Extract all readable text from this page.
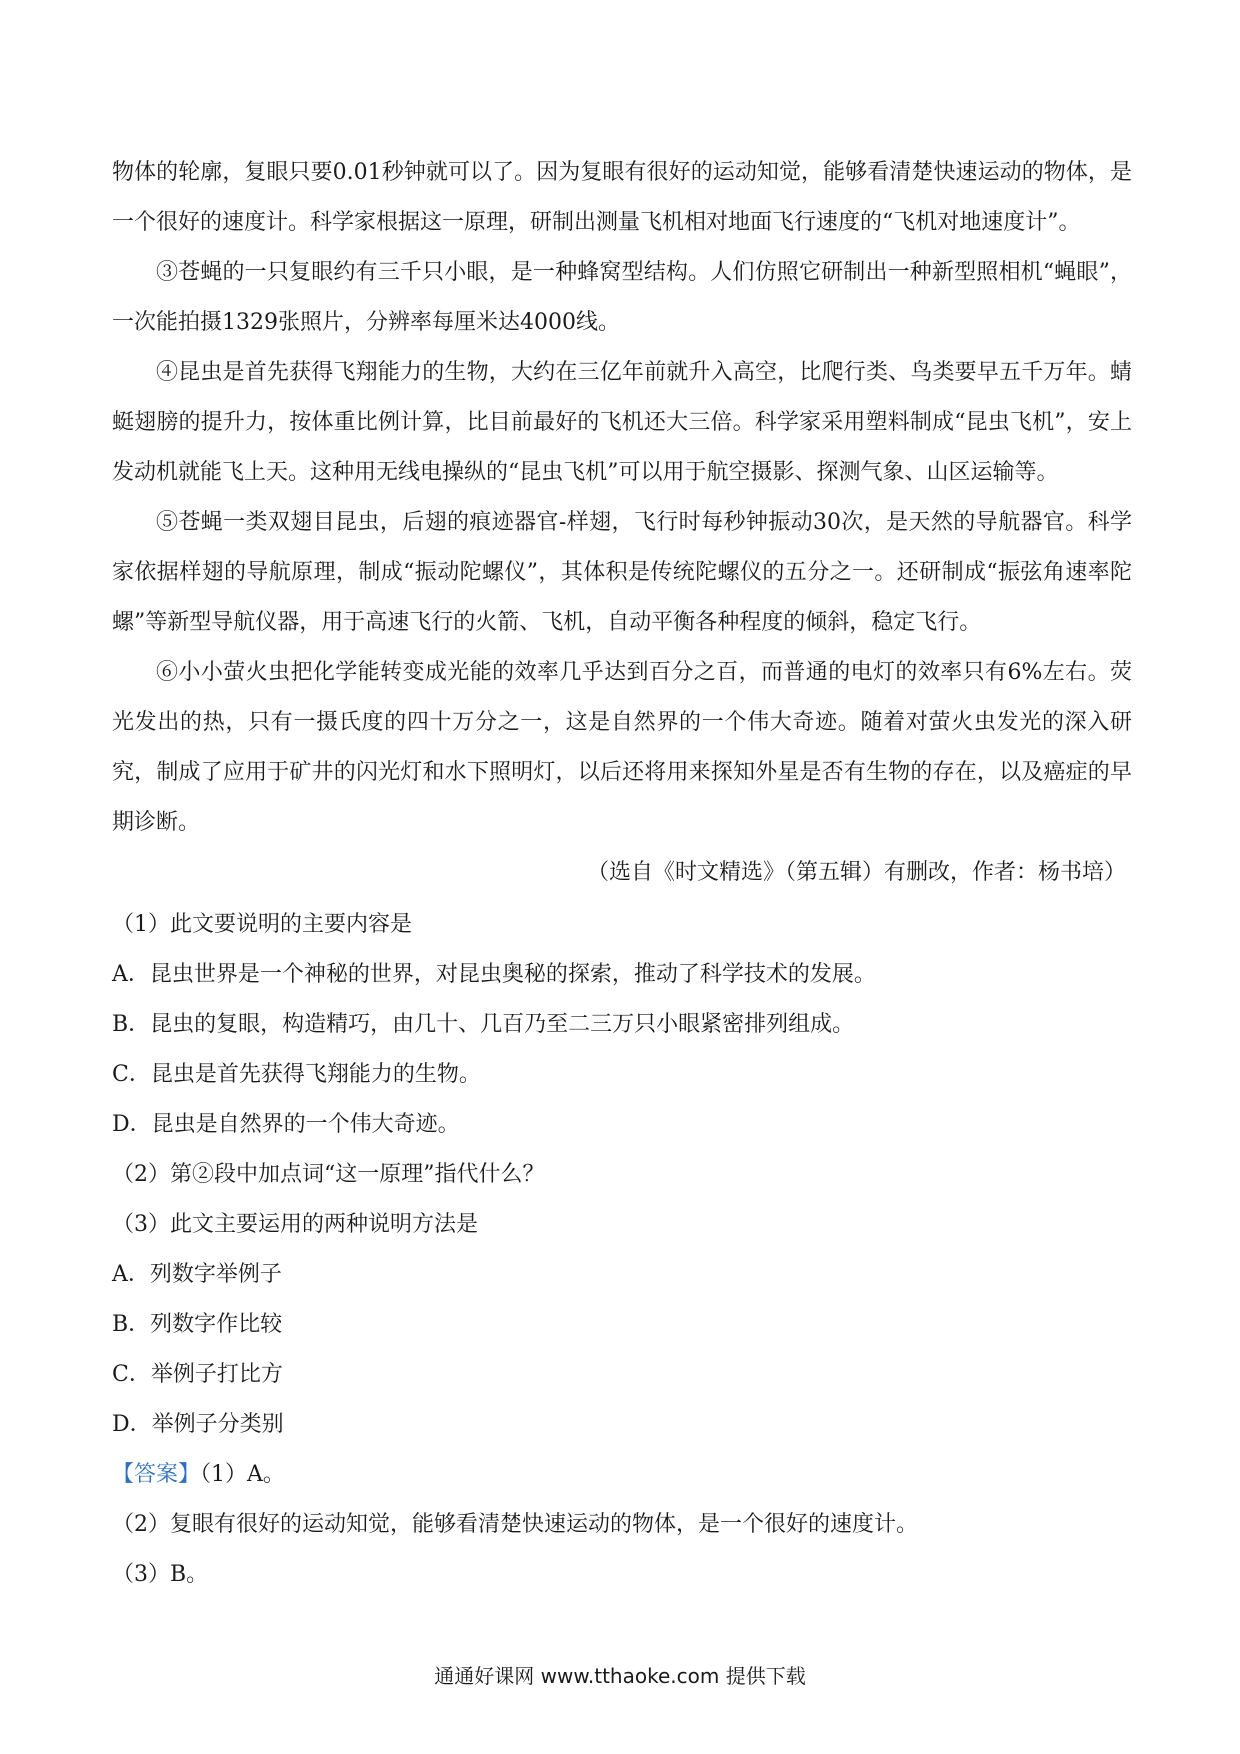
物体的轮廓，复眼只要0.01秒钟就可以了。因为复眼有很好的运动知觉，能够看清楚快速运动的物体，是一个很好的速度计。科学家根据这一原理，研制出测量飞机相对地面飞行速度的“飞机对地速度计”。

③苍蝇的一只复眼约有三千只小眼，是一种蜂窝型结构。人们仿照它研制出一种新型照相机“蝇眼”，一次能拍摄1329张照片，分辨率每厘米达4000线。

④昆虫是首先获得飞翔能力的生物，大约在三亿年前就升入高空，比爬行类、鸟类要早五千万年。蜻蜓翅膀的提升力，按体重比例计算，比目前最好的飞机还大三倍。科学家采用塑料制成“昆虫飞机”，安上发动机就能飞上天。这种用无线电操纵的“昆虫飞机”可以用于航空摄影、探测气象、山区运输等。

⑤苍蝇一类双翅目昆虫，后翅的痕迹器官-样翅，飞行时每秒钟振动30次，是天然的导航器官。科学家依据样翅的导航原理，制成“振动陀螺仪”，其体积是传统陀螺仪的五分之一。还研制成“振弦角速率陀螺”等新型导航仪器，用于高速飞行的火箭、飞机，自动平衡各种程度的倾斜，稳定飞行。

⑥小小萤火虫把化学能转变成光能的效率几乎达到百分之百，而普通的电灯的效率只有6%左右。荧光发出的热，只有一摄氏度的四十万分之一，这是自然界的一个伟大奇迹。随着对萤火虫发光的深入研究，制成了应用于矿井的闪光灯和水下照明灯，以后还将用来探知外星是否有生物的存在，以及癌症的早期诊断。

（选自《时文精选》（第五辑）有删改，作者：杨书培）

（1）此文要说明的主要内容是

A．昆虫世界是一个神秘的世界，对昆虫奥秘的探索，推动了科学技术的发展。

B．昆虫的复眼，构造精巧，由几十、几百乃至二三万只小眼紧密排列组成。

C．昆虫是首先获得飞翔能力的生物。

D．昆虫是自然界的一个伟大奇迹。

（2）第②段中加点词“这一原理”指代什么？

（3）此文主要运用的两种说明方法是

A．列数字举例子

B．列数字作比较

C．举例子打比方

D．举例子分类别

【答案】（1）A。

（2）复眼有很好的运动知觉，能够看清楚快速运动的物体，是一个很好的速度计。

（3）B。

通通好课网 www.tthaoke.com 提供下载
